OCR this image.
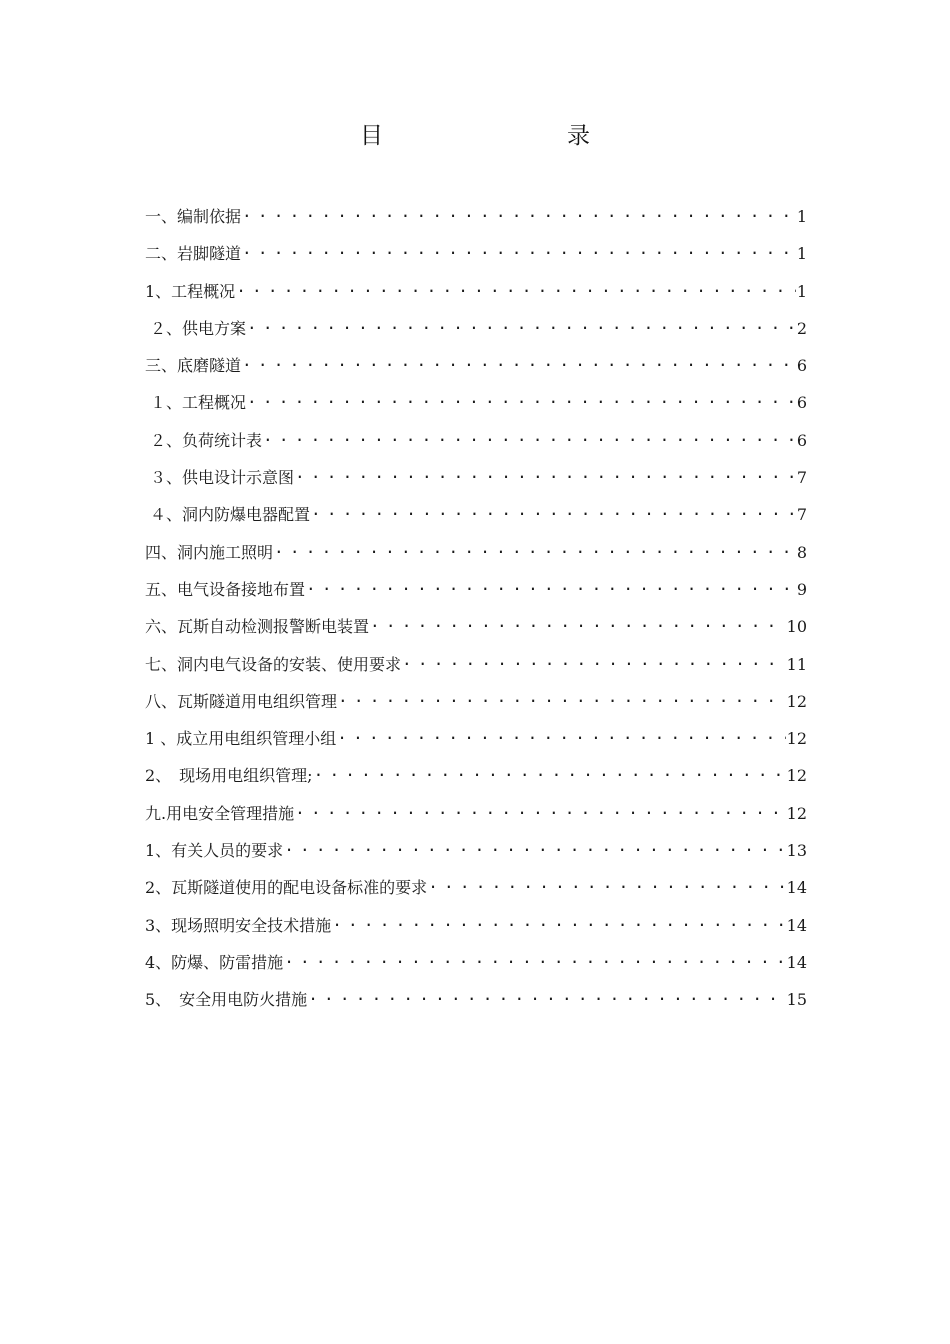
目　　录
一、编制依据 . . .	1
二、岩脚隧道 . . .	1
1、工程概况 . . .	1
２、供电方案 . . .	2
三、底磨隧道 . . .	6
１、工程概况 . . .	6
２、负荷统计表 . . .	6
３、供电设计示意图 . . .	7
４、洞内防爆电器配置 . . .	7
四、洞内施工照明 . . .	8
五、电气设备接地布置 . . .	9
六、瓦斯自动检测报警断电装置 . . .	10
七、洞内电气设备的安装、使用要求 . . .	11
八、瓦斯隧道用电组织管理 . . .	12
1 、成立用电组织管理小组 . . .	12
2、　现场用电组织管理; . . .	12
九.用电安全管理措施 . . .	12
1、有关人员的要求 . . .	13
2、瓦斯隧道使用的配电设备标准的要求 . . .	14
3、现场照明安全技术措施 . . .	14
4、防爆、防雷措施 . . .	14
5、　安全用电防火措施 . . .	15
